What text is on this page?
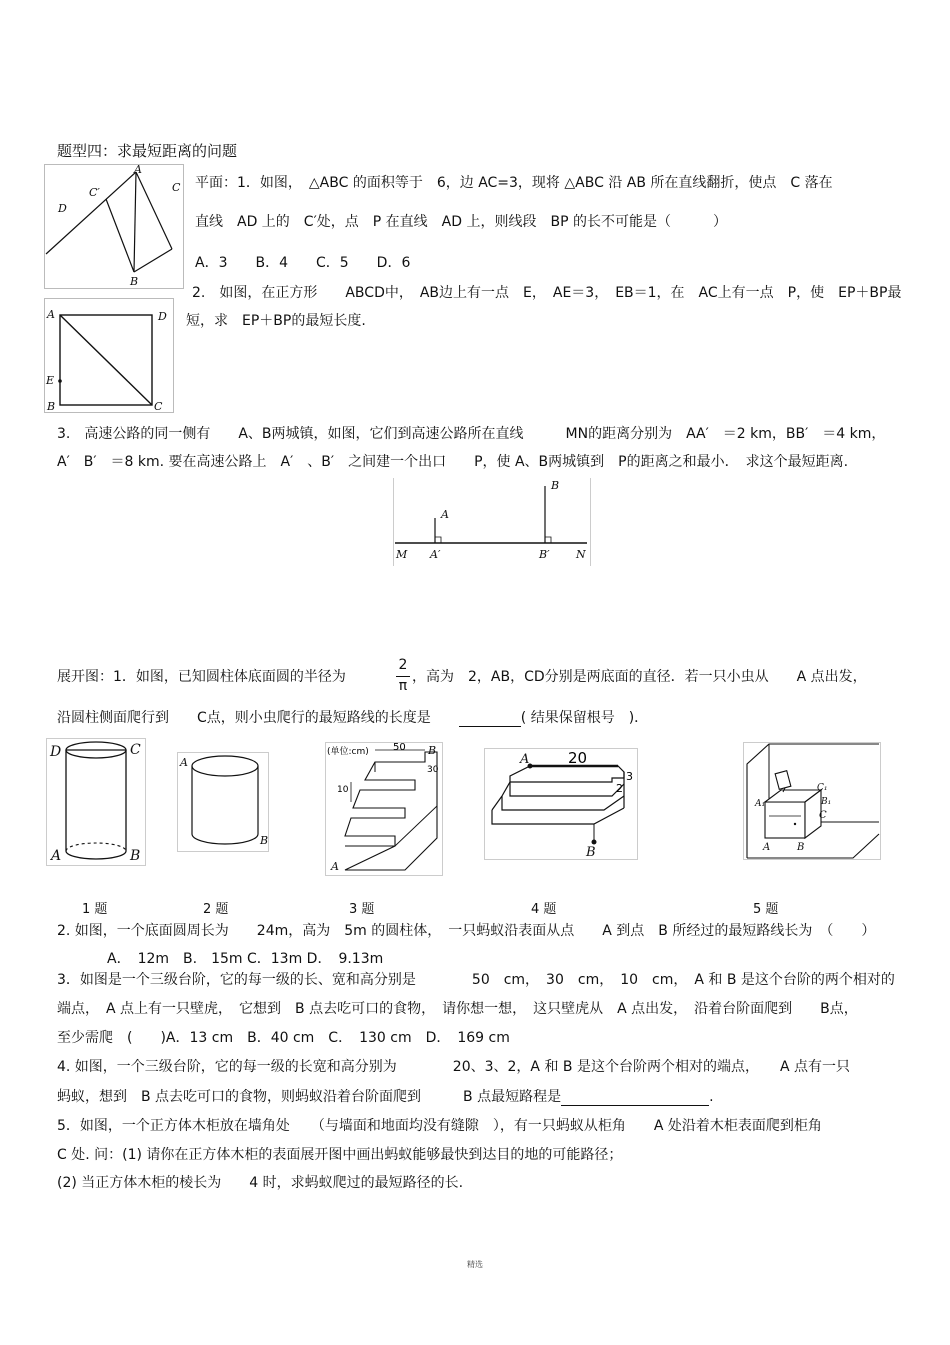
题型四：求最短距离的问题
A
C′	C
D
B
平面：1．如图，　△ABC 的面积等于　6，边 AC=3，现将 △ABC 沿 AB 所在直线翻折，使点　C 落在
直线　AD 上的　C′处，点　P 在直线　AD 上，则线段　BP 的长不可能是（　　　）
A．3　　B．4　　C．5　　D．6
A	D
E
B	C
2.　如图，在正方形　　ABCD中，　AB边上有一点　E，　AE＝3，　EB＝1，在　AC上有一点　P，使　EP＋BP最
短，求　EP＋BP的最短长度.
3.　高速公路的同一侧有　　A、B两城镇，如图，它们到高速公路所在直线　　　MN的距离分别为　AA′　＝2 km，BB′　＝4 km，
A′　B′　＝8 km. 要在高速公路上　A′　、B′　之间建一个出口　　P，使 A、B两城镇到　P的距离之和最小．　求这个最短距离.
A
B
M A′	B′ N
展开图：1．如图，已知圆柱体底面圆的半径为
2
π
，高为　2，AB，CD分别是两底面的直径．若一只小虫从　　A 点出发，
沿圆柱侧面爬行到　　C点，则小虫爬行的最短路线的长度是　　	( 结果保留根号　)．
D	C
A	B
A
B
(单位:cm) 50
30
10
A
B
A	20
3
2
B
C₁
A₁	B₁
C
A	B
1 题	2 题	3 题	4 题	5 题
2. 如图，一个底面圆周长为　　24m，高为　5m 的圆柱体，　一只蚂蚁沿表面从点　　A 到点　B 所经过的最短路线长为　（　　）
A．　12m　B.　15m C．13m D．　9.13m
3．如图是一个三级台阶，它的每一级的长、宽和高分别是　　　　50　cm，　30　cm，　10　cm，　A 和 B 是这个台阶的两个相对的
端点，　A 点上有一只壁虎，　它想到　B 点去吃可口的食物，　请你想一想，　这只壁虎从　A 点出发，　沿着台阶面爬到　　B点，
至少需爬　(　　)A．13 cm　B．40 cm　C．　130 cm　D．　169 cm
4. 如图，一个三级台阶，它的每一级的长宽和高分别为　　　　20、3、2，A 和 B 是这个台阶两个相对的端点，　　A 点有一只
蚂蚁，想到　B 点去吃可口的食物，则蚂蚁沿着台阶面爬到　　　B 点最短路程是	.
5．如图，一个正方体木柜放在墙角处　　（与墙面和地面均没有缝隙　），有一只蚂蚁从柜角　　A 处沿着木柜表面爬到柜角
C 处. 问：(1) 请你在正方体木柜的表面展开图中画出蚂蚁能够最快到达目的地的可能路径；
(2) 当正方体木柜的棱长为　　4 时，求蚂蚁爬过的最短路径的长.
精选
